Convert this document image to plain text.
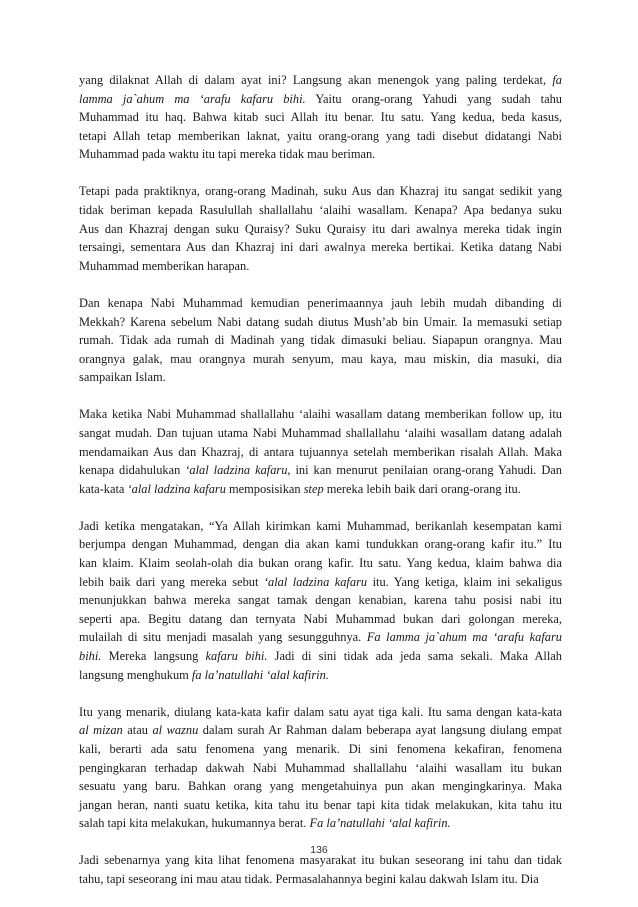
yang dilaknat Allah di dalam ayat ini? Langsung akan menengok yang paling terdekat, fa
lamma ja`ahum ma ‘arafu kafaru bihi. Yaitu orang-orang Yahudi yang sudah tahu
Muhammad itu haq. Bahwa kitab suci Allah itu benar. Itu satu. Yang kedua, beda kasus,
tetapi Allah tetap memberikan laknat, yaitu orang-orang yang tadi disebut didatangi Nabi
Muhammad pada waktu itu tapi mereka tidak mau beriman.

Tetapi pada praktiknya, orang-orang Madinah, suku Aus dan Khazraj itu sangat sedikit yang
tidak beriman kepada Rasulullah shallallahu ‘alaihi wasallam. Kenapa? Apa bedanya suku
Aus dan Khazraj dengan suku Quraisy? Suku Quraisy itu dari awalnya mereka tidak ingin
tersaingi, sementara Aus dan Khazraj ini dari awalnya mereka bertikai. Ketika datang Nabi
Muhammad memberikan harapan.

Dan kenapa Nabi Muhammad kemudian penerimaannya jauh lebih mudah dibanding di
Mekkah? Karena sebelum Nabi datang sudah diutus Mush’ab bin Umair. Ia memasuki setiap
rumah. Tidak ada rumah di Madinah yang tidak dimasuki beliau. Siapapun orangnya. Mau
orangnya galak, mau orangnya murah senyum, mau kaya, mau miskin, dia masuki, dia
sampaikan Islam.

Maka ketika Nabi Muhammad shallallahu ‘alaihi wasallam datang memberikan follow up, itu
sangat mudah. Dan tujuan utama Nabi Muhammad shallallahu ‘alaihi wasallam datang adalah
mendamaikan Aus dan Khazraj, di antara tujuannya setelah memberikan risalah Allah. Maka
kenapa didahulukan ‘alal ladzina kafaru, ini kan menurut penilaian orang-orang Yahudi. Dan
kata-kata ‘alal ladzina kafaru memposisikan step mereka lebih baik dari orang-orang itu.

Jadi ketika mengatakan, “Ya Allah kirimkan kami Muhammad, berikanlah kesempatan kami
berjumpa dengan Muhammad, dengan dia akan kami tundukkan orang-orang kafir itu.” Itu
kan klaim. Klaim seolah-olah dia bukan orang kafir. Itu satu. Yang kedua, klaim bahwa dia
lebih baik dari yang mereka sebut ‘alal ladzina kafaru itu. Yang ketiga, klaim ini sekaligus
menunjukkan bahwa mereka sangat tamak dengan kenabian, karena tahu posisi nabi itu
seperti apa. Begitu datang dan ternyata Nabi Muhammad bukan dari golongan mereka,
mulailah di situ menjadi masalah yang sesungguhnya. Fa lamma ja`ahum ma ‘arafu kafaru
bihi. Mereka langsung kafaru bihi. Jadi di sini tidak ada jeda sama sekali. Maka Allah
langsung menghukum fa la’natullahi ‘alal kafirin.

Itu yang menarik, diulang kata-kata kafir dalam satu ayat tiga kali. Itu sama dengan kata-kata
al mizan atau al waznu dalam surah Ar Rahman dalam beberapa ayat langsung diulang empat
kali, berarti ada satu fenomena yang menarik. Di sini fenomena kekafiran, fenomena
pengingkaran terhadap dakwah Nabi Muhammad shallallahu ‘alaihi wasallam itu bukan
sesuatu yang baru. Bahkan orang yang mengetahuinya pun akan mengingkarinya. Maka
jangan heran, nanti suatu ketika, kita tahu itu benar tapi kita tidak melakukan, kita tahu itu
salah tapi kita melakukan, hukumannya berat. Fa la’natullahi ‘alal kafirin.

Jadi sebenarnya yang kita lihat fenomena masyarakat itu bukan seseorang ini tahu dan tidak
tahu, tapi seseorang ini mau atau tidak. Permasalahannya begini kalau dakwah Islam itu. Dia

136
